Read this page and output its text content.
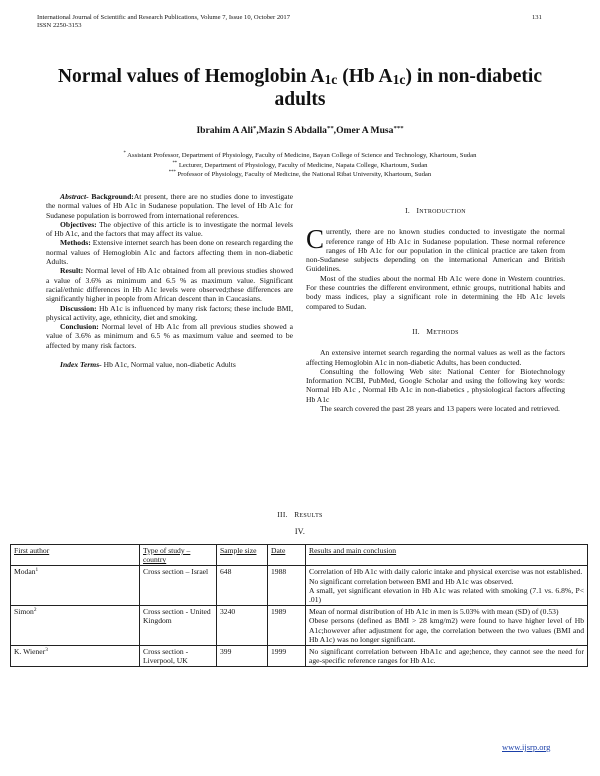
International Journal of Scientific and Research Publications, Volume 7, Issue 10, October 2017
ISSN 2250-3153
131
Normal values of Hemoglobin $A_{1c}$ (Hb $A_{1c}$) in non-diabetic adults
Ibrahim A Ali*,Mazin S Abdalla**,Omer A Musa***
* Assistant Professor, Department of Physiology, Faculty of Medicine, Bayan College of Science and Technology, Khartoum, Sudan
** Lecturer, Department of Physiology, Faculty of Medicine, Napata College, Khartoum, Sudan
*** Professor of Physiology, Faculty of Medicine, the National Ribat University, Khartoum, Sudan

Abstract- Background:At present, there are no studies done to investigate the normal values of Hb A1c in Sudanese population. The level of Hb A1c for Sudanese population is borrowed from international references.

Objectives: The objective of this article is to investigate the normal levels of Hb A1c, and the factors that may affect its value.

Methods: Extensive internet search has been done on research regarding the normal values of Hemoglobin A1c and factors affecting them in non-diabetic Adults.

Result: Normal level of Hb A1c obtained from all previous studies showed a value of 3.6% as minimum and 6.5 % as maximum value. Significant racial/ethnic differences in Hb A1c levels were observed;these differences are significantly higher in people from African descent than in Caucasians.

Discussion: Hb A1c is influenced by many risk factors; these include BMI, physical activity, age, ethnicity, diet and smoking.

Conclusion: Normal level of Hb A1c from all previous studies showed a value of 3.6% as minimum and 6.5 % as maximum value and seemed to be affected by many risk factors.

Index Terms- Hb A1c, Normal value, non-diabetic Adults

I. INTRODUCTION

Currently, there are no known studies conducted to investigate the normal reference range of Hb A1c in Sudanese population. These normal reference ranges of Hb A1c for our population in the clinical practice are taken from non-Sudanese subjects depending on the international American and British Guidelines.

Most of the studies about the normal Hb A1c were done in Western countries. For these countries the different environment, ethnic groups, nutritional habits and body mass indices, play a significant role in determining the Hb A1c levels compared to Sudan.

II. METHODS

An extensive internet search regarding the normal values as well as the factors affecting Hemoglobin A1c in non-diabetic Adults, has been conducted.

Consulting the following Web site: National Center for Biotechnology Information NCBI, PubMed, Google Scholar and using the following key words: Normal Hb A1c , Normal Hb A1c in non-diabetics , physiological factors affecting Hb A1c

The search covered the past 28 years and 13 papers were located and retrieved.

III. RESULTS
IV.
First author	Type of study – country	Sample size	Date	Results and main conclusion
Modan$^1$	Cross section – Israel	648	1988	Correlation of Hb A1c with daily caloric intake and physical exercise was not established.
No significant correlation between BMI and Hb A1c was observed.
A small, yet significant elevation in Hb A1c was related with smoking (7.1 vs. 6.8%, P< .01)

Simon$^2$	Cross section - United Kingdom	3240	1989	Mean of normal distribution of Hb A1c in men is 5.03% with mean (SD) of (0.53)
Obese persons (defined as BMI > 28 kmg/m2) were found to have higher level of Hb A1c;however after adjustment for age, the correlation between the two values (BMI and Hb A1c) was no longer significant.

K. Wiener$^3$	Cross section - Liverpool, UK	399	1999	No significant correlation between HbA1c and age;hence, they cannot see the need for age-specific reference ranges for Hb A1c.
www.ijsrp.org
